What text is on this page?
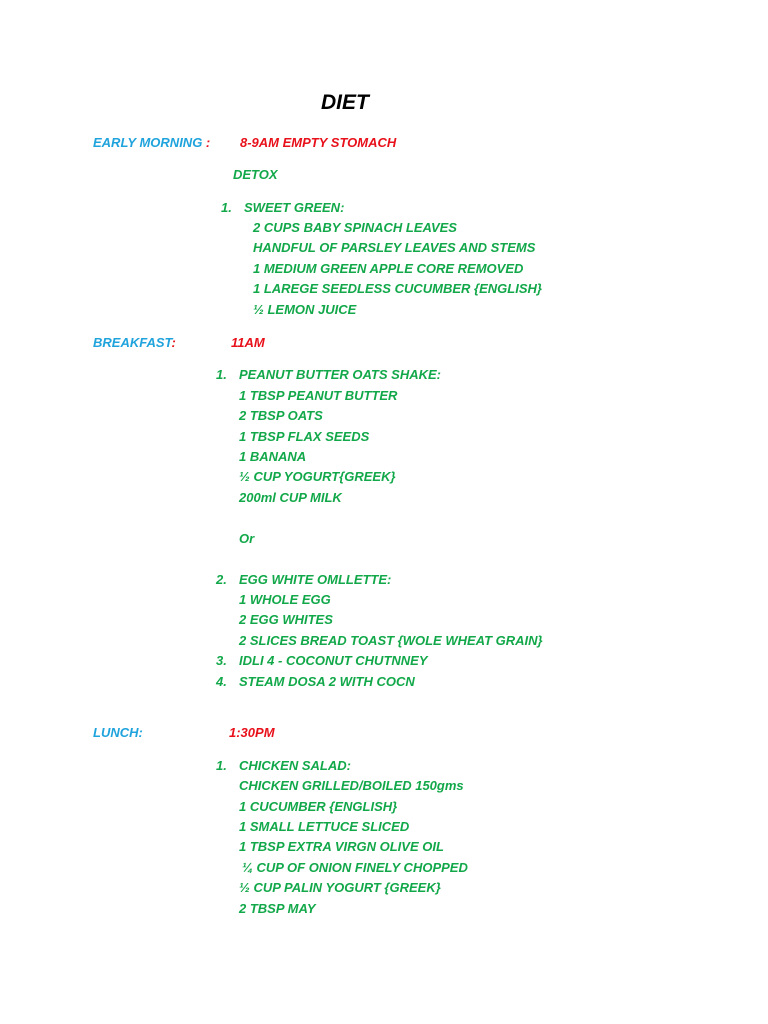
DIET
EARLY MORNING : 8-9AM EMPTY STOMACH
DETOX
1. SWEET GREEN:
2 CUPS BABY SPINACH LEAVES
HANDFUL OF PARSLEY LEAVES AND STEMS
1 MEDIUM GREEN APPLE CORE REMOVED
1 LAREGE SEEDLESS CUCUMBER {ENGLISH}
½ LEMON JUICE
BREAKFAST:	11AM
1. PEANUT BUTTER OATS SHAKE:
1 TBSP PEANUT BUTTER
2 TBSP OATS
1 TBSP FLAX SEEDS
1 BANANA
½ CUP YOGURT{GREEK}
200ml CUP MILK
Or
2. EGG WHITE OMLLETTE:
1 WHOLE EGG
2 EGG WHITES
2 SLICES BREAD TOAST {WOLE WHEAT GRAIN}
3. IDLI 4 - COCONUT CHUTNNEY
4. STEAM DOSA 2 WITH COCN
LUNCH:	1:30PM
1. CHICKEN SALAD:
CHICKEN GRILLED/BOILED 150gms
1 CUCUMBER {ENGLISH}
1 SMALL LETTUCE SLICED
1 TBSP EXTRA VIRGN OLIVE OIL
¼ CUP OF ONION FINELY CHOPPED
½ CUP PALIN YOGURT {GREEK}
2 TBSP MAY
